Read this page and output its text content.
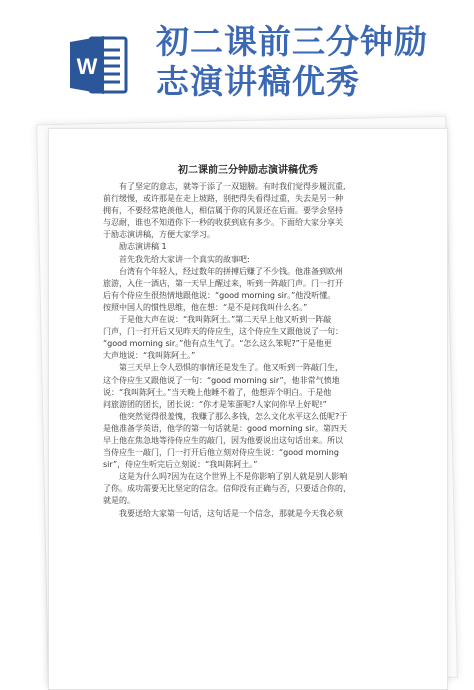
W
初二课前三分钟励
志演讲稿优秀
初二课前三分钟励志演讲稿优秀

　　有了坚定的意志，就等于添了一双翅膀。有时我们觉得步履沉重,

前行缓慢，或许那是在走上坡路，别把得失看得过重，失去是另一种

拥有，不要经常艳羡他人，相信属于你的风景还在后面。要学会坚持

与忍耐，谁也不知道你下一秒的收获到底有多少。下面给大家分享关

于励志演讲稿，方便大家学习。

　　励志演讲稿 1

　　首先我先给大家讲一个真实的故事吧:

　　台湾有个年轻人，经过数年的拼搏后赚了不少钱。他准备到欧州

旅游，入住一酒店，第一天早上醒过来，听到一阵敲门声。门一打开

后有个侍应生很热情地跟他说：“good morning sir。”他没听懂。

按照中国人的惯性思维，他在想：“是不是问我叫什么名。”

　　于是他大声在说：“我叫陈阿土。”第二天早上他又听到一阵敲

门声，门一打开后又见昨天的侍应生，这个侍应生又跟他说了一句：

“good morning sir。”他有点生气了。“怎么这么笨呢?”于是他更

大声地说：“我叫陈阿土。”

　　第三天早上令人恐惧的事情还是发生了。他又听到一阵敲门生，

这个侍应生又跟他说了一句：“good morning sir”，他非常气愤地

说：“我叫陈阿土。”当天晚上他睡不着了，他想弄个明白。于是他

问旅游团的团长，团长说：“你才是笨蛋呢?人家问你早上好呢!”

　　他突然觉得很羞愧，我赚了那么多钱，怎么文化水平这么低呢?于

是他准备学英语，他学的第一句话就是：good morning sir。第四天

早上他在焦急地等待侍应生的敲门，因为他要说出这句话出来。所以

当侍应生一敲门，门一打开后他立刻对侍应生说：“good morning

sir”，侍应生听完后立刻说：“我叫陈阿土。”

　　这是为什么吗?因为在这个世界上不是你影响了别人就是别人影响

了你。成功需要无比坚定的信念。信仰没有正确与否，只要适合你的，

就是的。

　　我要送给大家第一句话，这句话是一个信念，那就是今天我必须
